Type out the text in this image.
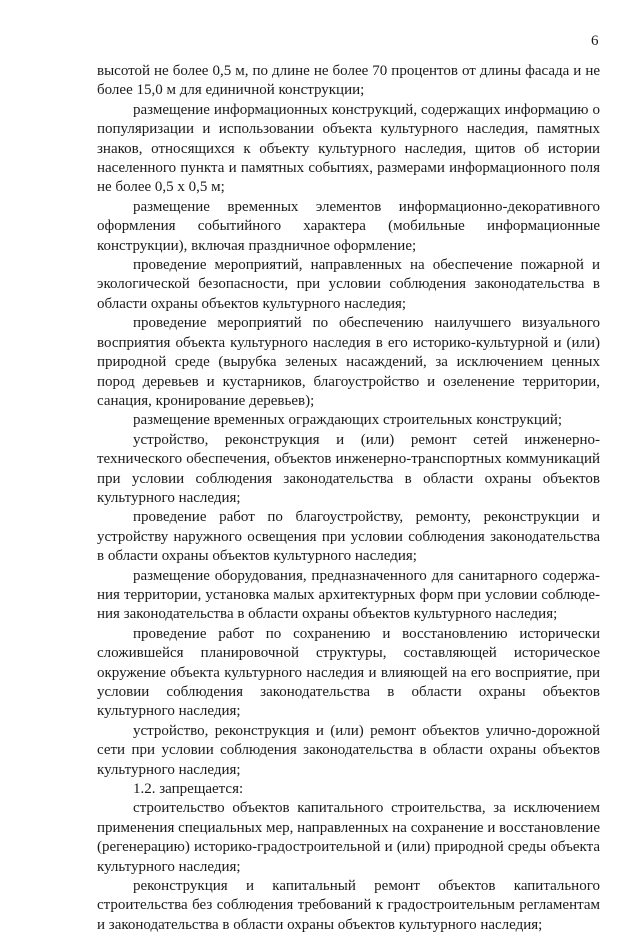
6

высотой не более 0,5 м, по длине не более 70 процентов от длины фасада и не более 15,0 м для единичной конструкции;

размещение информационных конструкций, содержащих информацию о популяризации и использовании объекта культурного наследия, памятных знаков, относящихся к объекту культурного наследия, щитов об истории населенного пункта и памятных событиях, размерами информационного поля не более 0,5 х 0,5 м;

размещение временных элементов информационно-декоративного оформления событийного характера (мобильные информационные конструкции), включая праздничное оформление;

проведение мероприятий, направленных на обеспечение пожарной и экологической безопасности, при условии соблюдения законодательства в области охраны объектов культурного наследия;

проведение мероприятий по обеспечению наилучшего визуального восприятия объекта культурного наследия в его историко-культурной и (или) природной среде (вырубка зеленых насаждений, за исключением ценных пород деревьев и кустарников, благоустройство и озеленение территории, санация, кронирование деревьев);

размещение временных ограждающих строительных конструкций;

устройство, реконструкция и (или) ремонт сетей инженерно-технического обеспечения, объектов инженерно-транспортных коммуникаций при условии соблюдения законодательства в области охраны объектов культурного наследия;

проведение работ по благоустройству, ремонту, реконструкции и устройству наружного освещения при условии соблюдения законодательства в области охраны объектов культурного наследия;

размещение оборудования, предназначенного для санитарного содержания территории, установка малых архитектурных форм при условии соблюдения законодательства в области охраны объектов культурного наследия;

проведение работ по сохранению и восстановлению исторически сложившейся планировочной структуры, составляющей историческое окружение объекта культурного наследия и влияющей на его восприятие, при условии соблюдения законодательства в области охраны объектов культурного наследия;

устройство, реконструкция и (или) ремонт объектов улично-дорожной сети при условии соблюдения законодательства в области охраны объектов культурного наследия;

1.2. запрещается:

строительство объектов капитального строительства, за исключением применения специальных мер, направленных на сохранение и восстановление (регенерацию) историко-градостроительной и (или) природной среды объекта культурного наследия;

реконструкция и капитальный ремонт объектов капитального строительства без соблюдения требований к градостроительным регламентам и законодательства в области охраны объектов культурного наследия;
